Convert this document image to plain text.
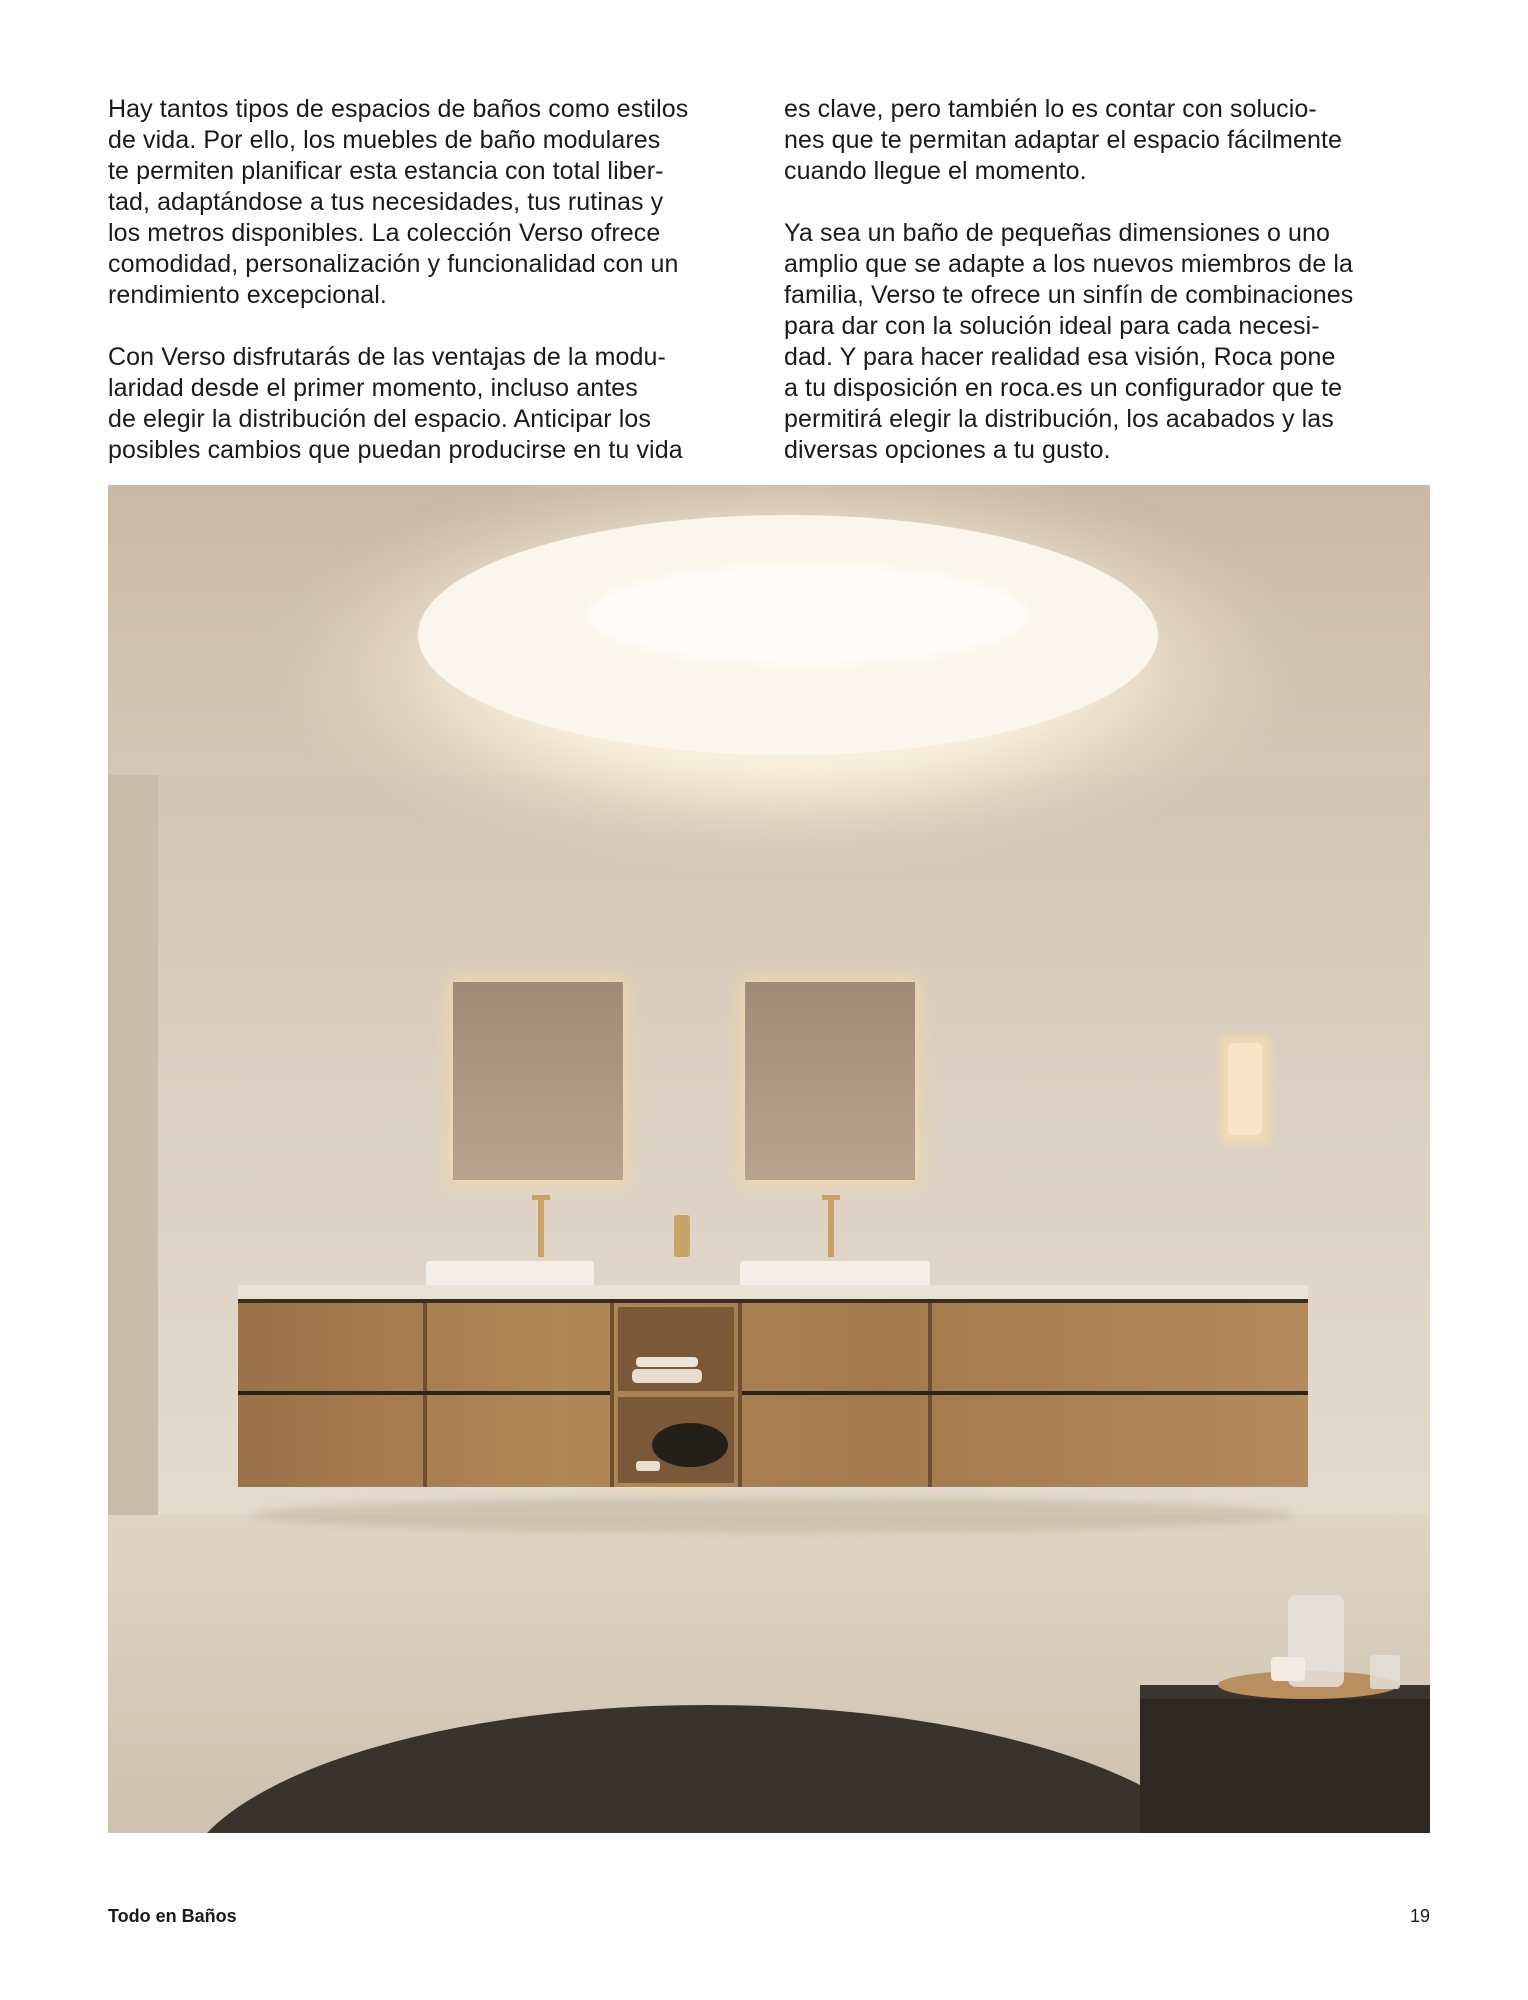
Hay tantos tipos de espacios de baños como estilos
de vida. Por ello, los muebles de baño modulares
te permiten planificar esta estancia con total liber-
tad, adaptándose a tus necesidades, tus rutinas y
los metros disponibles. La colección Verso ofrece
comodidad, personalización y funcionalidad con un
rendimiento excepcional.

Con Verso disfrutarás de las ventajas de la modu-
laridad desde el primer momento, incluso antes
de elegir la distribución del espacio. Anticipar los
posibles cambios que puedan producirse en tu vida

es clave, pero también lo es contar con solucio-
nes que te permitan adaptar el espacio fácilmente
cuando llegue el momento.

Ya sea un baño de pequeñas dimensiones o uno
amplio que se adapte a los nuevos miembros de la
familia, Verso te ofrece un sinfín de combinaciones
para dar con la solución ideal para cada necesi-
dad. Y para hacer realidad esa visión, Roca pone
a tu disposición en roca.es un configurador que te
permitirá elegir la distribución, los acabados y las
diversas opciones a tu gusto.

Todo en Baños	19
